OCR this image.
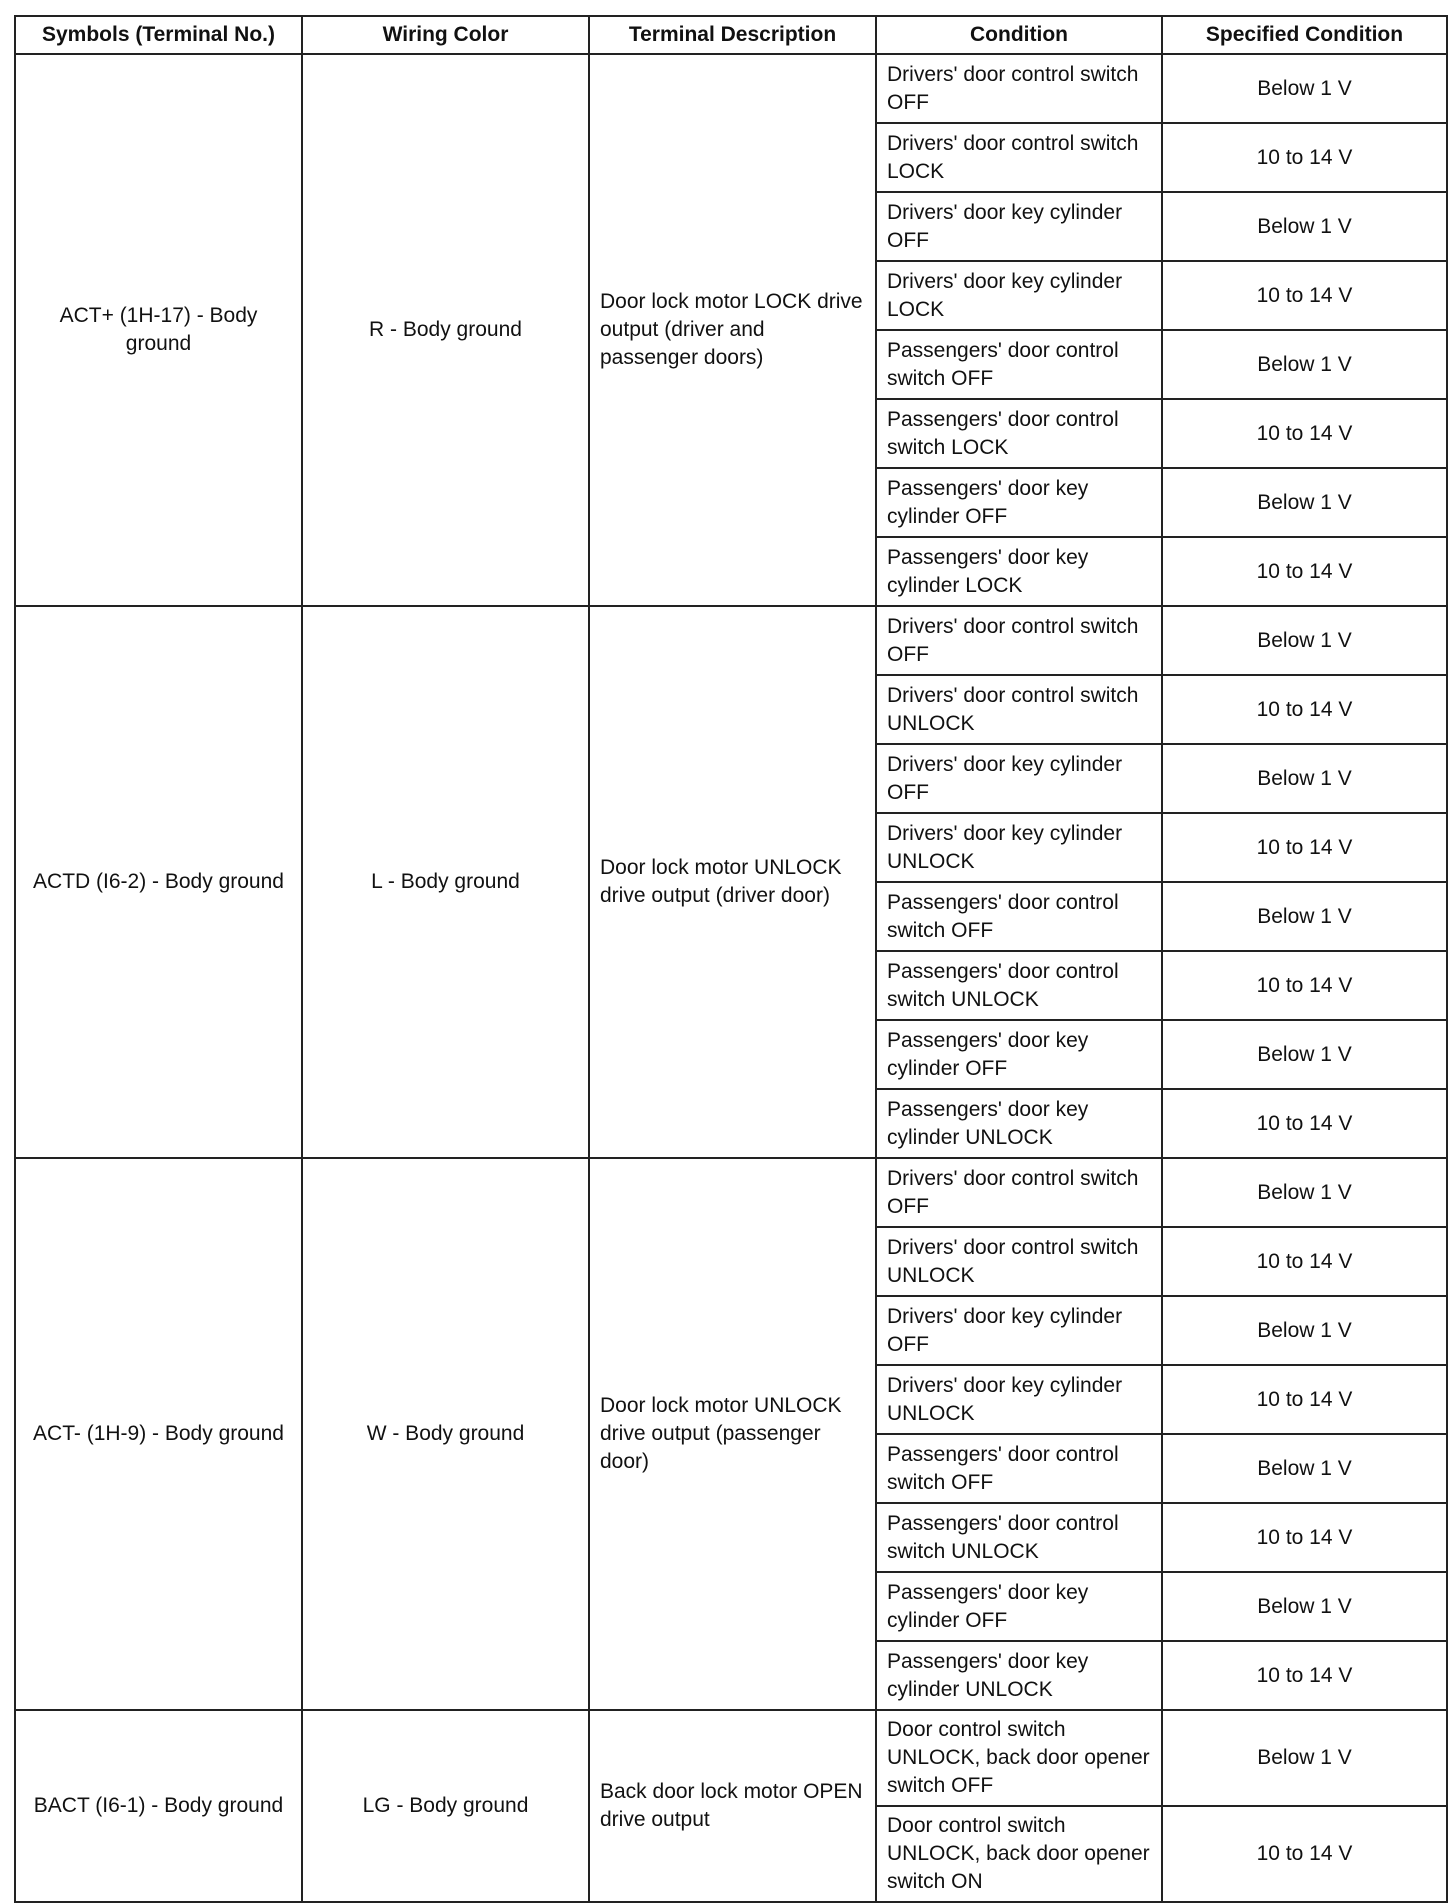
Symbols (Terminal No.)	Wiring Color	Terminal Description	Condition	Specified Condition
ACT+ (1H-17) - Body ground	R - Body ground	Door lock motor LOCK drive output (driver and passenger doors)	Drivers' door control switch OFF	Below 1 V
			Drivers' door control switch LOCK	10 to 14 V
			Drivers' door key cylinder OFF	Below 1 V
			Drivers' door key cylinder LOCK	10 to 14 V
			Passengers' door control switch OFF	Below 1 V
			Passengers' door control switch LOCK	10 to 14 V
			Passengers' door key cylinder OFF	Below 1 V
			Passengers' door key cylinder LOCK	10 to 14 V
ACTD (I6-2) - Body ground	L - Body ground	Door lock motor UNLOCK drive output (driver door)	Drivers' door control switch OFF	Below 1 V
			Drivers' door control switch UNLOCK	10 to 14 V
			Drivers' door key cylinder OFF	Below 1 V
			Drivers' door key cylinder UNLOCK	10 to 14 V
			Passengers' door control switch OFF	Below 1 V
			Passengers' door control switch UNLOCK	10 to 14 V
			Passengers' door key cylinder OFF	Below 1 V
			Passengers' door key cylinder UNLOCK	10 to 14 V
ACT- (1H-9) - Body ground	W - Body ground	Door lock motor UNLOCK drive output (passenger door)	Drivers' door control switch OFF	Below 1 V
			Drivers' door control switch UNLOCK	10 to 14 V
			Drivers' door key cylinder OFF	Below 1 V
			Drivers' door key cylinder UNLOCK	10 to 14 V
			Passengers' door control switch OFF	Below 1 V
			Passengers' door control switch UNLOCK	10 to 14 V
			Passengers' door key cylinder OFF	Below 1 V
			Passengers' door key cylinder UNLOCK	10 to 14 V
BACT (I6-1) - Body ground	LG - Body ground	Back door lock motor OPEN drive output	Door control switch UNLOCK, back door opener switch OFF	Below 1 V
			Door control switch UNLOCK, back door opener switch ON	10 to 14 V
